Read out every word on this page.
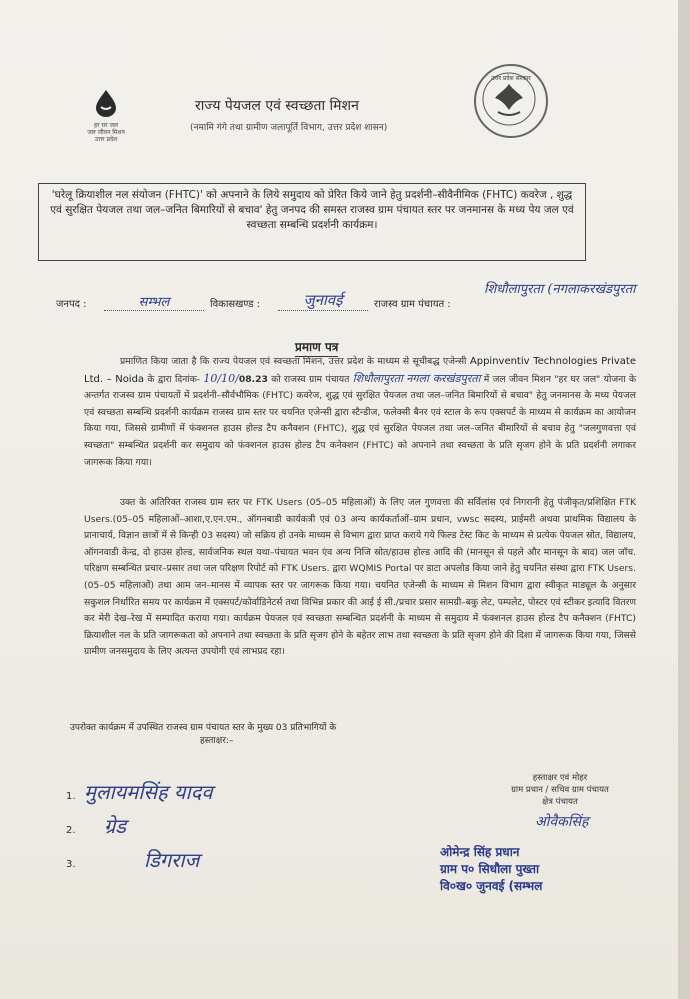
हर घर जल
जल जीवन मिशन
उत्तर प्रदेश
उत्तर प्रदेश सरकार
राज्य पेयजल एवं स्वच्छता मिशन
(नमामि गंगे तथा ग्रामीण जलापूर्ति विभाग, उत्तर प्रदेश शासन)
'घरेलू क्रियाशील नल संयोजन (FHTC)' को अपनाने के लिये समुदाय को प्रेरित किये जाने हेतु प्रदर्शनी–सीवैनीमिक (FHTC) कवरेज , शुद्ध एवं सुरक्षित पेयजल तथा जल–जनित बिमारियों से बचाव' हेतु जनपद की समस्त राजस्व ग्राम पंचायत स्तर पर जनमानस के मध्य पेय जल एवं स्वच्छता सम्बन्धि प्रदर्शनी कार्यक्रम।
जनपद :	सम्भल	विकासखण्ड :	जुनावई	राजस्व ग्राम पंचायत :
शिधौलापुरता (नगलाकरखंडपुरता
प्रमाण पत्र

प्रमाणित किया जाता है कि राज्य पेयजल एवं स्वच्छता मिशन, उत्तर प्रदेश के माध्यम से सूचीबद्ध एजेन्सी Appinventiv Technologies Private Ltd. – Noida के द्वारा दिनांक- 10/10/08.23 को राजस्व ग्राम पंचायत शिधौलापुरता नगला करखंडपुरता में जल जीवन मिशन "हर घर जल" योजना के अन्तर्गत राजस्व ग्राम पंचायतों में प्रदर्शनी–सौर्वभौमिक (FHTC) कवरेज, शुद्ध एवं सुरक्षित पेयजल तथा जल–जनित बिमारियों से बचाव" हेतु जनमानस के मध्य पेयजल एवं स्वच्छता सम्बन्धि प्रदर्शनी कार्यक्रम राजस्व ग्राम स्तर पर चयनित एजेन्सी द्वारा स्टैन्डीज, फलेक्सी बैनर एवं स्टाल के रूप एक्सपर्ट के माध्यम से कार्यक्रम का आयोजन किया गया, जिससे ग्रामीणों में फंक्शनल हाउस होल्ड टैप कनैक्शन (FHTC), शुद्ध एवं सुरक्षित पेयजल तथा जल–जनित बीमारियों से बचाव हेतु "जलगुणवत्ता एवं स्वच्छता" सम्बन्धित प्रदर्शनी कर समुदाय को फंक्शनल हाउस होल्ड टैप कनेक्शन (FHTC) को अपनाने तथा स्वच्छता के प्रति सृजग होने के प्रति प्रदर्शनी लगाकर जागरूक किया गया।

उक्त के अतिरिक्त राजस्व ग्राम स्तर पर FTK Users (05–05 महिलाओं) के लिए जल गुणवत्ता की सर्विलांस एवं निगरानी हेतु पंजीकृत/प्रशिक्षित FTK Users.(05–05 महिलाओं–आशा,ए.एन.एम., ऑगनबाडी कार्यकत्री एवं 03 अन्य कार्यकर्ताओं–ग्राम प्रधान, vwsc सदस्य, प्राईमरी अथवा प्राथमिक विद्यालय के प्रानाचार्य, विज्ञान छात्रों में से किन्ही 03 सदस्य) जो सक्रिय हो उनके माध्यम से विभाग द्वारा प्राप्त कराये गये फिल्ड टेस्ट किट के माध्यम से प्रत्येक पेयजल स्रोत, विद्यालय, ऑगनवाडी केन्द्र, दो हाउस होल्ड, सार्वजनिक स्थल यथा–पंचायत भवन एंव अन्य निजि स्रोत/हाउस होल्ड आदि की (मानसून से पहले और मानसून के बाद) जल जॉच. परिक्षण सम्बन्धित प्रचार–प्रसार तथा जल परिक्षण रिपोर्ट को FTK Users. द्वारा WQMIS Portal पर डाटा अपलोड किया जाने हेतु चयनित संस्था द्वारा FTK Users.(05–05 महिलाओं) तथा आम जन–मानस में व्यापक स्तर पर जागरूक किया गया। चयनित एजेन्सी के माध्यम से मिशन विभाग द्वारा स्वीकृत माड्यूल के अनुसार सकुशल निर्धारित समय पर कार्यक्रम में एक्सपर्ट/कोर्वाडिनेटर्स तथा विभिन्न प्रकार की आई ई सी./प्रचार प्रसार सामग्री–बकु लेट, पम्पलेट, पोस्टर एवं स्टीकर इत्यादि वितरण कर मेरी देख–रेख में सम्पादित कराया गया। कार्यक्रम पेयजल एवं स्वच्छता सम्बन्धित प्रदर्शनी के माध्यम से समुदाय में फंक्शनल हाउस होल्ड टैप कनैक्शन (FHTC) क्रियाशील नल के प्रति जागरूकता को अपनाने तथा स्वच्छता के प्रति सृजग होने के बहेतर लाभ तथा स्वच्छता के प्रति सृजग होने की दिशा में जागरूक किया गया, जिससे ग्रामीण जनसमुदाय के लिए अत्यन्त उपयोगी एवं लाभप्रद रहा।

उपरोक्त कार्यक्रम में उपस्थित राजस्व ग्राम पंचायत स्तर के मुख्य 03 प्रतिभागियों के
हस्ताक्षर:–
1. मुलायमसिंह यादव
2. ग्रेड
3.	डिगराज
हस्ताक्षर एवं मोहर
ग्राम प्रधान / सचिव ग्राम पंचायत
क्षेत्र पंचायत
ओवैकसिंह
ओमेन्द्र सिंह प्रधान
ग्राम प० सिधौला पुख्ता
वि०ख० जुनवई (सम्भल
